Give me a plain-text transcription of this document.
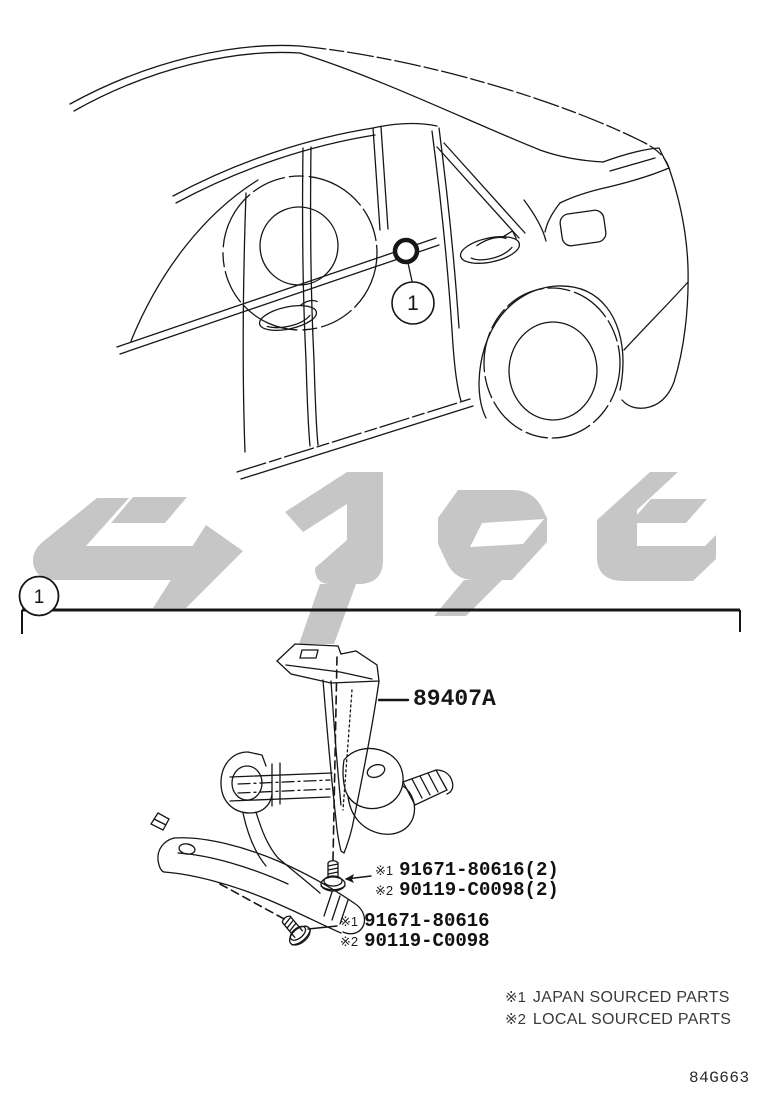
1
1
89407A
※1 91671-80616(2)
※2 90119-C0098(2)
※1 91671-80616
※2 90119-C0098
※1 JAPAN SOURCED PARTS
※2 LOCAL SOURCED PARTS
84G663
